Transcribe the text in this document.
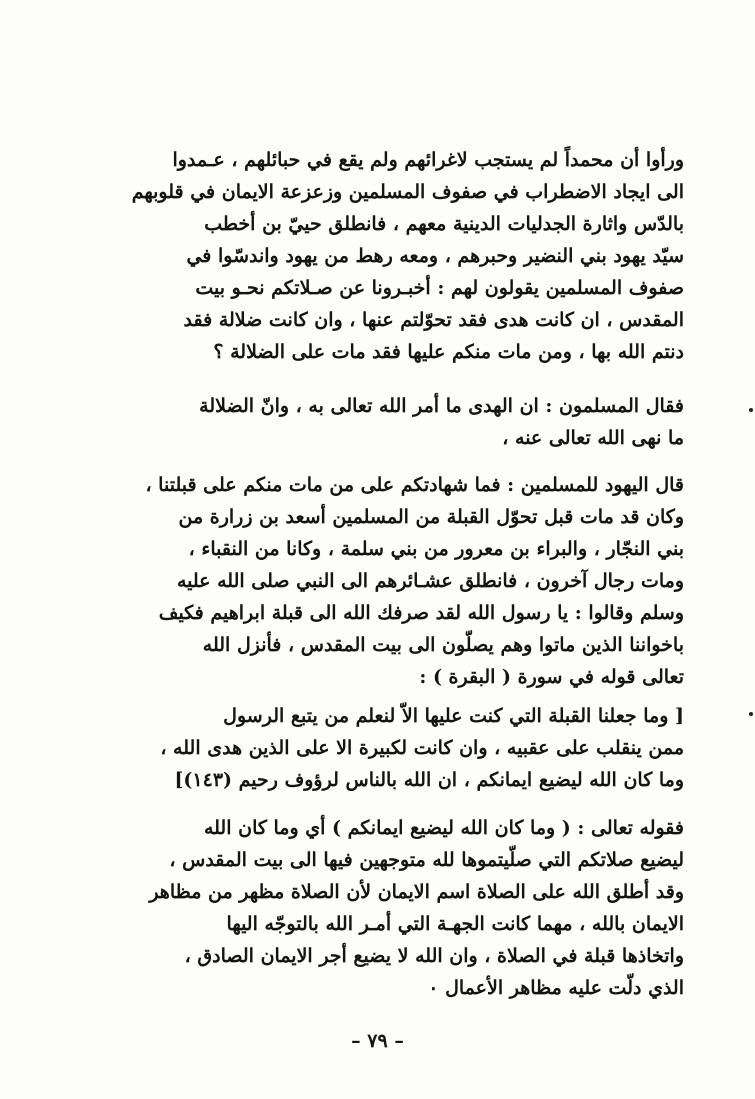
ورأوا أن محمداً لم يستجب لاغرائهم ولم يقع في حبائلهم ، عـمدوا
الى ايجاد الاضطراب في صفوف المسلمين وزعزعة الايمان في قلوبهم
بالدّس واثارة الجدليات الدينية معهم ، فانطلق حييّ بن أخطب
سيّد يهود بني النضير وحبرهم ، ومعه رهط من يهود واندسّوا في
صفوف المسلمين يقولون لهم : أخبـرونا عن صـلاتكم نحـو بيت
المقدس ، ان كانت هدى فقد تحوّلتم عنها ، وان كانت ضلالة فقد
دنتم الله بها ، ومن مات منكم عليها فقد مات على الضلالة ؟
فقال المسلمون : ان الهدى ما أمر الله تعالى به ، وانّ الضلالة
ما نهى الله تعالى عنه ،
قال اليهود للمسلمين : فما شهادتكم على من مات منكم على قبلتنا ،
وكان قد مات قبل تحوّل القبلة من المسلمين أسعد بن زرارة من
بني النجّار ، والبراء بن معرور من بني سلمة ، وكانا من النقباء ،
ومات رجال آخرون ، فانطلق عشـائرهم الى النبي صلى الله عليه
وسلم وقالوا : يا رسول الله لقد صرفك الله الى قبلة ابراهيم فكيف
باخواننا الذين ماتوا وهم يصلّون الى بيت المقدس ، فأنزل الله
تعالى قوله في سورة ( البقرة ) :
[ وما جعلنا القبلة التي كنت عليها الاّ لنعلم من يتبع الرسول
ممن ينقلب على عقبيه ، وان كانت لكبيرة الا على الذين هدى الله ،
وما كان الله ليضيع ايمانكم ، ان الله بالناس لرؤوف رحيم (١٤٣)]
فقوله تعالى : ( وما كان الله ليضيع ايمانكم ) أي وما كان الله
ليضيع صلاتكم التي صلّيتموها لله متوجهين فيها الى بيت المقدس ،
وقد أطلق الله على الصلاة اسم الايمان لأن الصلاة مظهر من مظاهر
الايمان بالله ، مهما كانت الجهـة التي أمـر الله بالتوجّه اليها
واتخاذها قبلة في الصلاة ، وان الله لا يضيع أجر الايمان الصادق ،
الذي دلّت عليه مظاهر الأعمال ٠
– ٧٩ –
